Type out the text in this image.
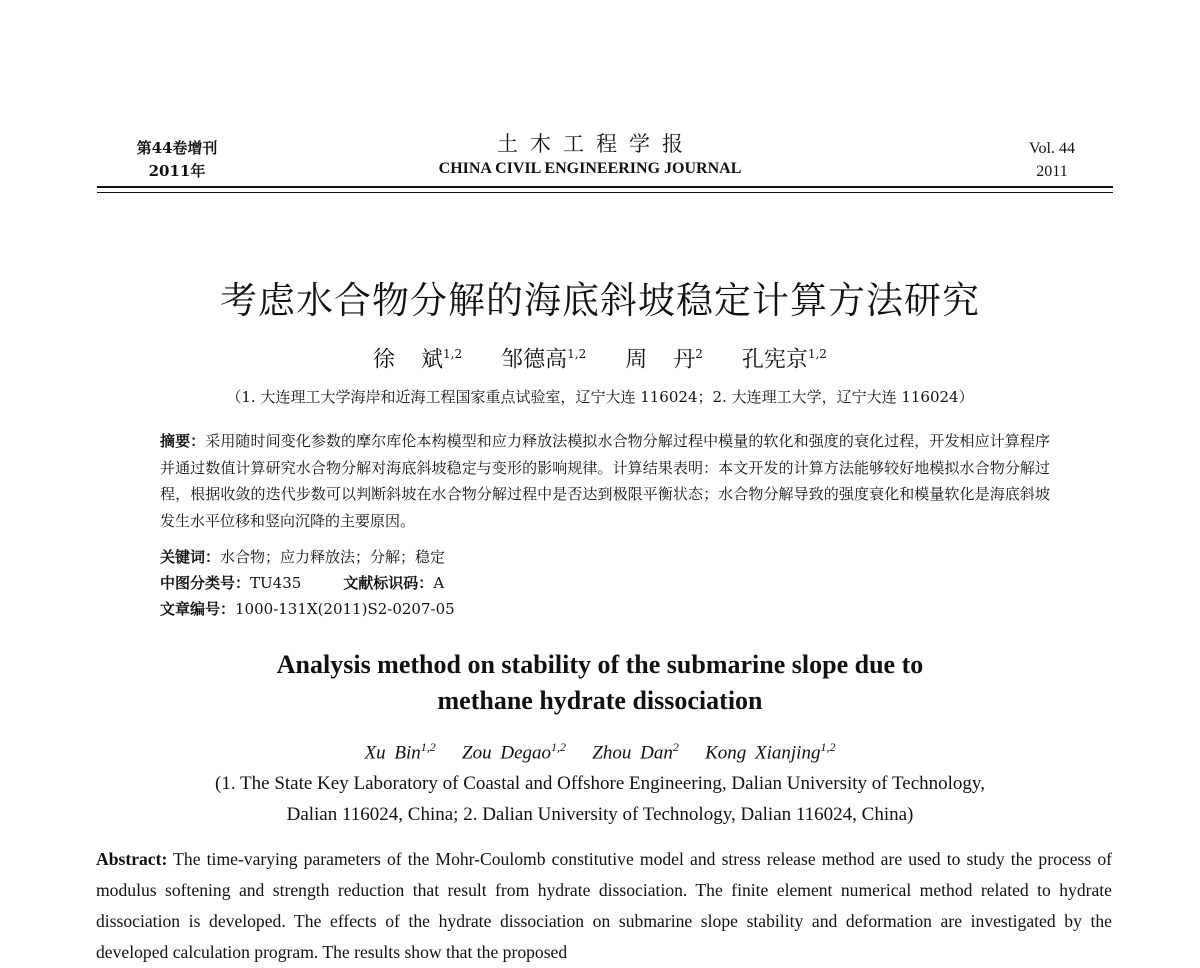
第44卷增刊
2011年
土木工程学报
CHINA CIVIL ENGINEERING JOURNAL
Vol. 44
2011
考虑水合物分解的海底斜坡稳定计算方法研究
徐  斌$^{1,2}$ 邹德高$^{1,2}$ 周  丹$^2$ 孔宪京$^{1,2}$
（1. 大连理工大学海岸和近海工程国家重点试验室，辽宁大连 116024；2. 大连理工大学，辽宁大连 116024）
摘要：采用随时间变化参数的摩尔库伦本构模型和应力释放法模拟水合物分解过程中模量的软化和强度的衰化过程，开发相应计算程序并通过数值计算研究水合物分解对海底斜坡稳定与变形的影响规律。计算结果表明：本文开发的计算方法能够较好地模拟水合物分解过程，根据收敛的迭代步数可以判断斜坡在水合物分解过程中是否达到极限平衡状态；水合物分解导致的强度衰化和模量软化是海底斜坡发生水平位移和竖向沉降的主要原因。
关键词：水合物；应力释放法；分解；稳定
中图分类号：TU435	文献标识码：A
文章编号：1000-131X(2011)S2-0207-05
Analysis method on stability of the submarine slope due to
methane hydrate dissociation
Xu Bin$^{1,2}$ Zou Degao$^{1,2}$ Zhou Dan$^2$ Kong Xianjing$^{1,2}$
(1. The State Key Laboratory of Coastal and Offshore Engineering, Dalian University of Technology,
Dalian 116024, China; 2. Dalian University of Technology, Dalian 116024, China)
Abstract: The time-varying parameters of the Mohr-Coulomb constitutive model and stress release method are used to study the process of modulus softening and strength reduction that result from hydrate dissociation. The finite element numerical method related to hydrate dissociation is developed. The effects of the hydrate dissociation on submarine slope stability and deformation are investigated by the developed calculation program. The results show that the proposed
